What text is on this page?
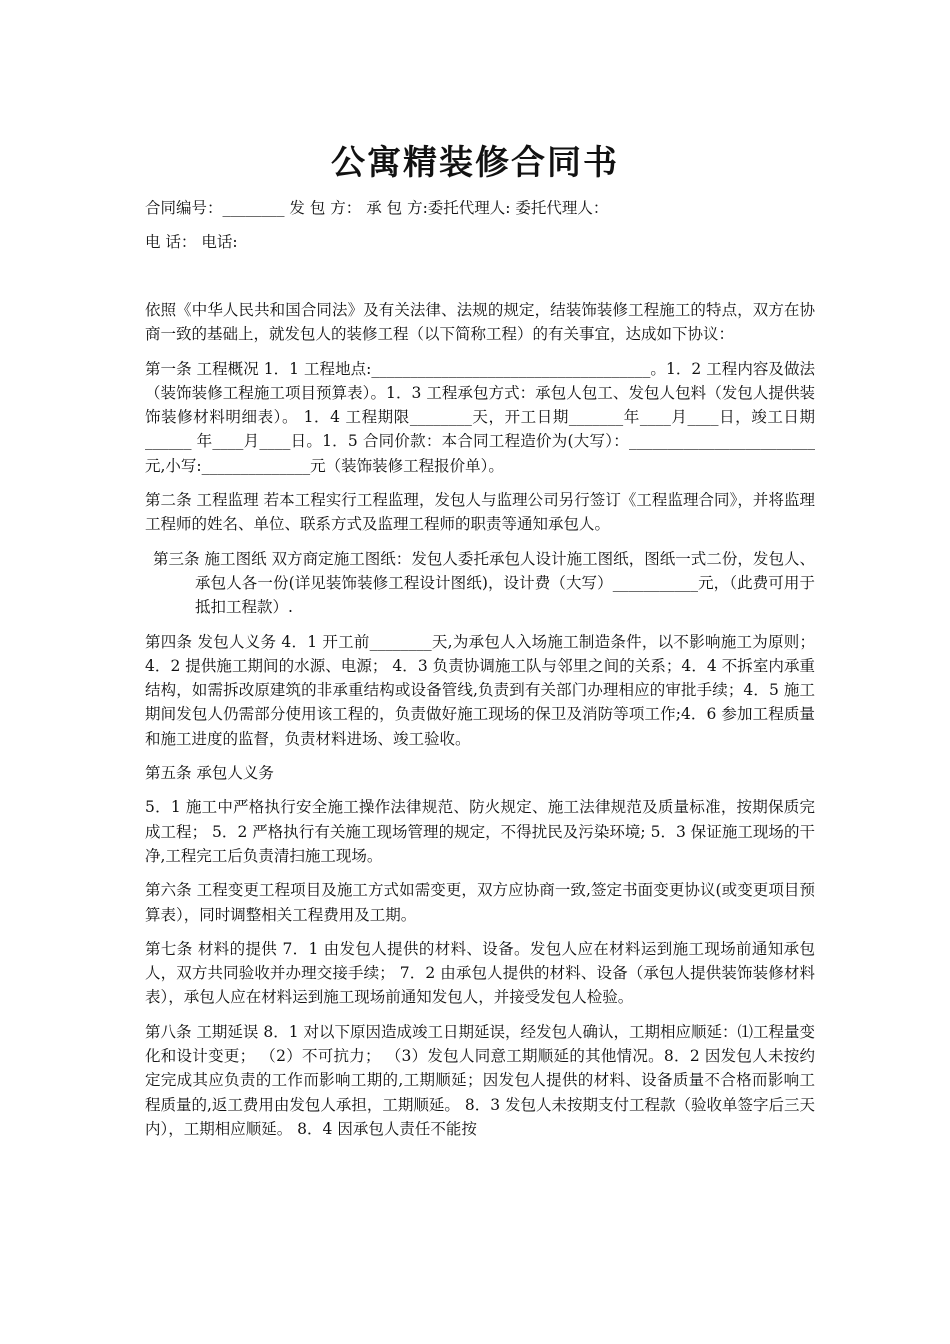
公寓精装修合同书

合同编号：________ 发 包 方： 承 包 方:委托代理人: 委托代理人：

电 话： 电话:

依照《中华人民共和国合同法》及有关法律、法规的规定，结装饰装修工程施工的特点，双方在协商一致的基础上，就发包人的装修工程（以下简称工程）的有关事宜，达成如下协议：

第一条 工程概况 1．1 工程地点:____________________________________。1．2 工程内容及做法（装饰装修工程施工项目预算表）。1．3 工程承包方式：承包人包工、发包人包料（发包人提供装饰装修材料明细表）。 1．4 工程期限________天，开工日期_______年____月____日，竣工日期______ 年____月____日。1．5 合同价款：本合同工程造价为(大写）：________________________元,小写:______________元（装饰装修工程报价单）。

第二条 工程监理 若本工程实行工程监理，发包人与监理公司另行签订《工程监理合同》，并将监理工程师的姓名、单位、联系方式及监理工程师的职责等通知承包人。

第三条 施工图纸 双方商定施工图纸：发包人委托承包人设计施工图纸，图纸一式二份，发包人、承包人各一份(详见装饰装修工程设计图纸)，设计费（大写）___________元，（此费可用于抵扣工程款）.

第四条 发包人义务 4．1 开工前________天,为承包人入场施工制造条件，以不影响施工为原则；4．2 提供施工期间的水源、电源； 4．3 负责协调施工队与邻里之间的关系；4．4 不拆室内承重结构，如需拆改原建筑的非承重结构或设备管线,负责到有关部门办理相应的审批手续；4．5 施工期间发包人仍需部分使用该工程的，负责做好施工现场的保卫及消防等项工作;4．6 参加工程质量和施工进度的监督，负责材料进场、竣工验收。

第五条 承包人义务

5．1 施工中严格执行安全施工操作法律规范、防火规定、施工法律规范及质量标准，按期保质完成工程； 5．2 严格执行有关施工现场管理的规定，不得扰民及污染环境; 5．3 保证施工现场的干净,工程完工后负责清扫施工现场。

第六条 工程变更工程项目及施工方式如需变更，双方应协商一致,签定书面变更协议(或变更项目预算表），同时调整相关工程费用及工期。

第七条 材料的提供 7．1 由发包人提供的材料、设备。发包人应在材料运到施工现场前通知承包人，双方共同验收并办理交接手续； 7．2 由承包人提供的材料、设备（承包人提供装饰装修材料表），承包人应在材料运到施工现场前通知发包人，并接受发包人检验。

第八条 工期延误 8．1 对以下原因造成竣工日期延误，经发包人确认，工期相应顺延：⑴工程量变化和设计变更； （2）不可抗力； （3）发包人同意工期顺延的其他情况。8．2 因发包人未按约定完成其应负责的工作而影响工期的,工期顺延；因发包人提供的材料、设备质量不合格而影响工程质量的,返工费用由发包人承担，工期顺延。 8．3 发包人未按期支付工程款（验收单签字后三天内），工期相应顺延。 8．4 因承包人责任不能按
